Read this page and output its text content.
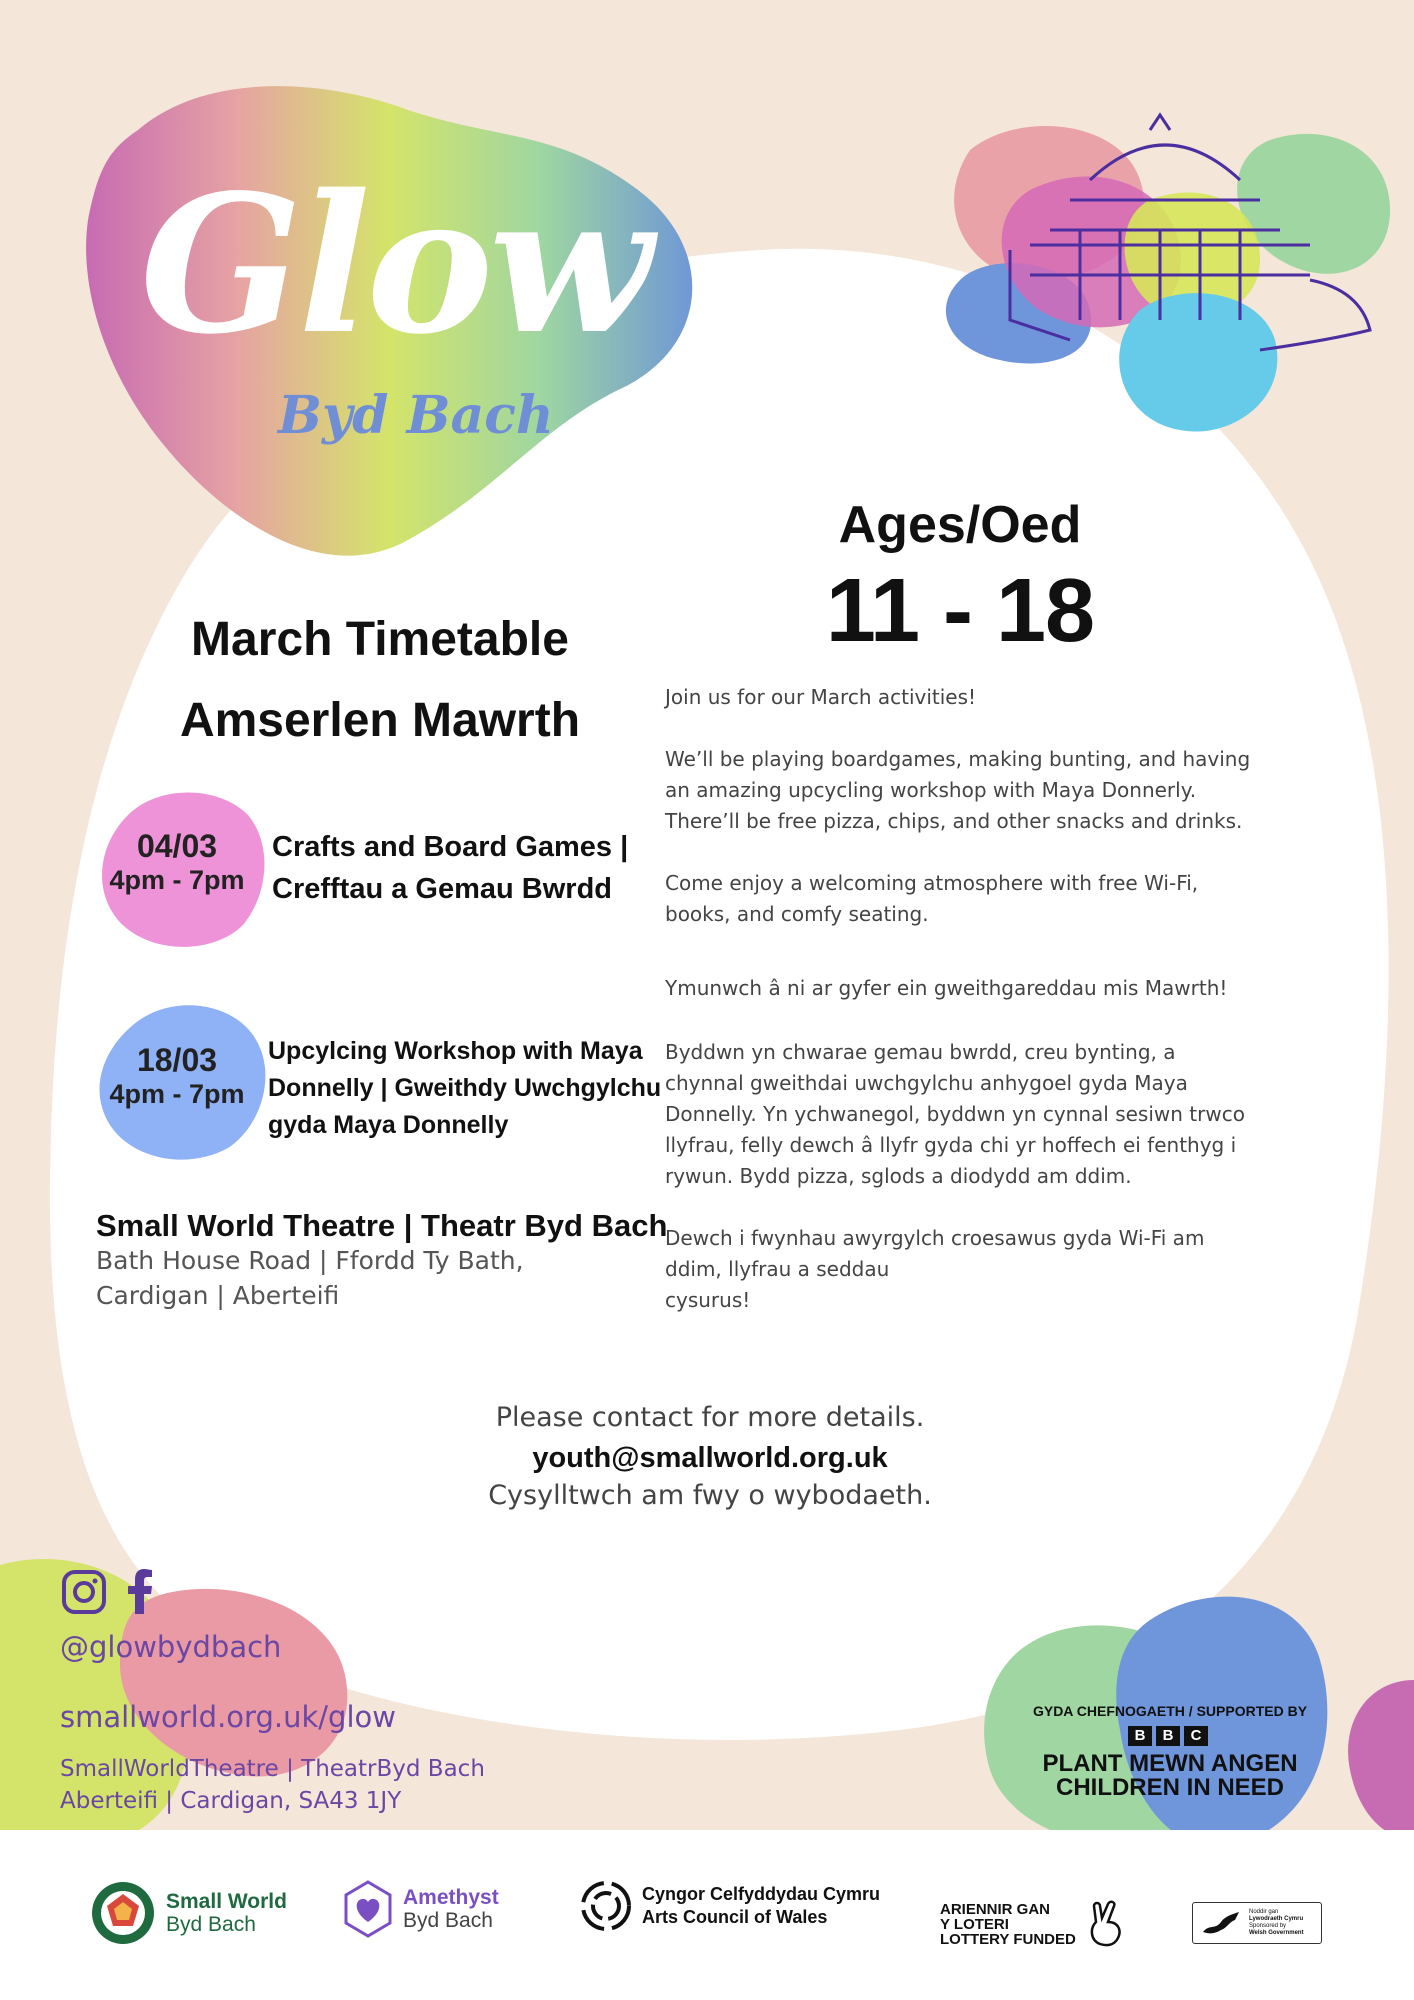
Glow
Byd Bach
Ages/Oed
11 - 18
March Timetable
Amserlen Mawrth
04/03
4pm - 7pm
Crafts and Board Games |
Crefftau a Gemau Bwrdd
18/03
4pm - 7pm
Upcylcing Workshop with Maya
Donnelly | Gweithdy Uwchgylchu
gyda Maya Donnelly
Small World Theatre | Theatr Byd Bach
Bath House Road | Ffordd Ty Bath,
Cardigan | Aberteifi
Join us for our March activities!
We’ll be playing boardgames, making bunting, and having
an amazing upcycling workshop with Maya Donnerly.
There’ll be free pizza, chips, and other snacks and drinks.
Come enjoy a welcoming atmosphere with free Wi-Fi,
books, and comfy seating.
Ymunwch â ni ar gyfer ein gweithgareddau mis Mawrth!
Byddwn yn chwarae gemau bwrdd, creu bynting, a
chynnal gweithdai uwchgylchu anhygoel gyda Maya
Donnelly. Yn ychwanegol, byddwn yn cynnal sesiwn trwco
llyfrau, felly dewch â llyfr gyda chi yr hoffech ei fenthyg i
rywun. Bydd pizza, sglods a diodydd am ddim.
Dewch i fwynhau awyrgylch croesawus gyda Wi-Fi am
ddim, llyfrau a seddau
cysurus!
Please contact for more details.
youth@smallworld.org.uk
Cysylltwch am fwy o wybodaeth.
@glowbydbach
smallworld.org.uk/glow
SmallWorldTheatre | TheatrByd Bach
Aberteifi | Cardigan, SA43 1JY
GYDA CHEFNOGAETH / SUPPORTED BY
B	B	C
PLANT MEWN ANGEN
CHILDREN IN NEED
Small World
Byd Bach
Amethyst
Byd Bach
Cyngor Celfyddydau Cymru
Arts Council of Wales	ARIENNIR GAN
Y LOTERI
LOTTERY FUNDED
Noddir gan
Lywodraeth Cymru
Sponsored by
Welsh Government
